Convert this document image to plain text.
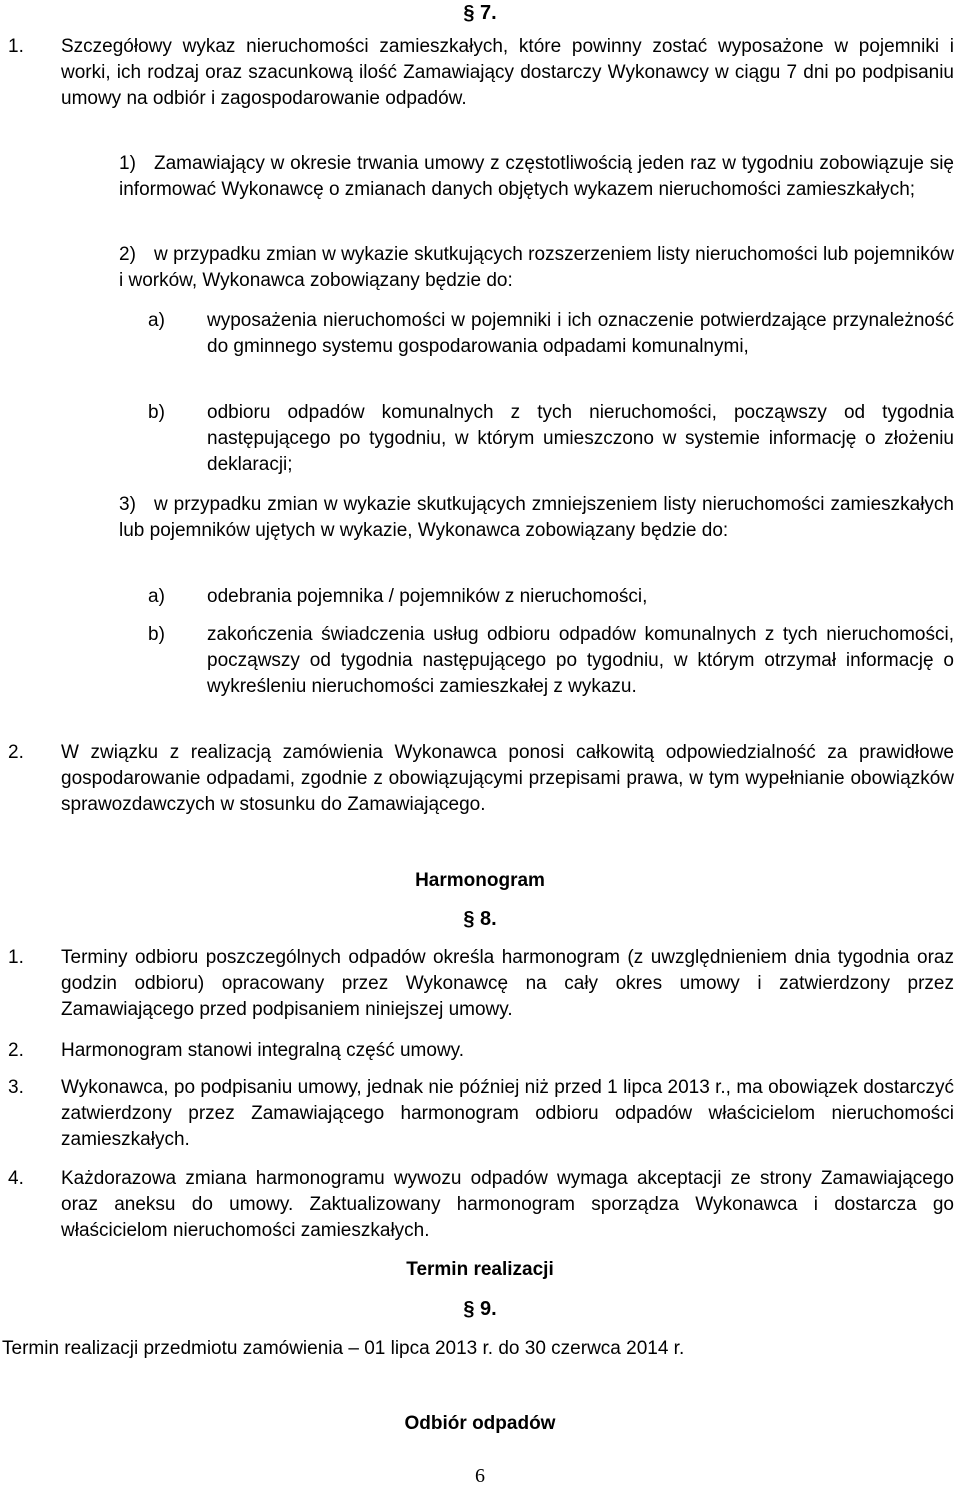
§ 7.
1. Szczegółowy wykaz nieruchomości zamieszkałych, które powinny zostać wyposażone w pojemniki i worki, ich rodzaj oraz szacunkową ilość Zamawiający dostarczy Wykonawcy w ciągu 7 dni po podpisaniu umowy na odbiór i zagospodarowanie odpadów.
1) Zamawiający w okresie trwania umowy z częstotliwością jeden raz w tygodniu zobowiązuje się informować Wykonawcę o zmianach danych objętych wykazem nieruchomości zamieszkałych;
2) w przypadku zmian w wykazie skutkujących rozszerzeniem listy nieruchomości lub pojemników i worków, Wykonawca zobowiązany będzie do:
a) wyposażenia nieruchomości w pojemniki i ich oznaczenie potwierdzające przynależność do gminnego systemu gospodarowania odpadami komunalnymi,
b) odbioru odpadów komunalnych z tych nieruchomości, począwszy od tygodnia następującego po tygodniu, w którym umieszczono w systemie informację o złożeniu deklaracji;
3) w przypadku zmian w wykazie skutkujących zmniejszeniem listy nieruchomości zamieszkałych lub pojemników ujętych w wykazie, Wykonawca zobowiązany będzie do:
a) odebrania pojemnika / pojemników z nieruchomości,
b) zakończenia świadczenia usług odbioru odpadów komunalnych z tych nieruchomości, począwszy od tygodnia następującego po tygodniu, w którym otrzymał informację o wykreśleniu nieruchomości zamieszkałej z wykazu.
2. W związku z realizacją zamówienia Wykonawca ponosi całkowitą odpowiedzialność za prawidłowe gospodarowanie odpadami, zgodnie z obowiązującymi przepisami prawa, w tym wypełnianie obowiązków sprawozdawczych w stosunku do Zamawiającego.
Harmonogram
§ 8.
1. Terminy odbioru poszczególnych odpadów określa harmonogram (z uwzględnieniem dnia tygodnia oraz godzin odbioru) opracowany przez Wykonawcę na cały okres umowy i zatwierdzony przez Zamawiającego przed podpisaniem niniejszej umowy.
2. Harmonogram stanowi integralną część umowy.
3. Wykonawca, po podpisaniu umowy, jednak nie później niż przed 1 lipca 2013 r., ma obowiązek dostarczyć zatwierdzony przez Zamawiającego harmonogram odbioru odpadów właścicielom nieruchomości zamieszkałych.
4. Każdorazowa zmiana harmonogramu wywozu odpadów wymaga akceptacji ze strony Zamawiającego oraz aneksu do umowy. Zaktualizowany harmonogram sporządza Wykonawca i dostarcza go właścicielom nieruchomości zamieszkałych.
Termin realizacji
§ 9.
Termin realizacji przedmiotu zamówienia – 01 lipca 2013 r. do 30 czerwca 2014 r.
Odbiór odpadów
6
